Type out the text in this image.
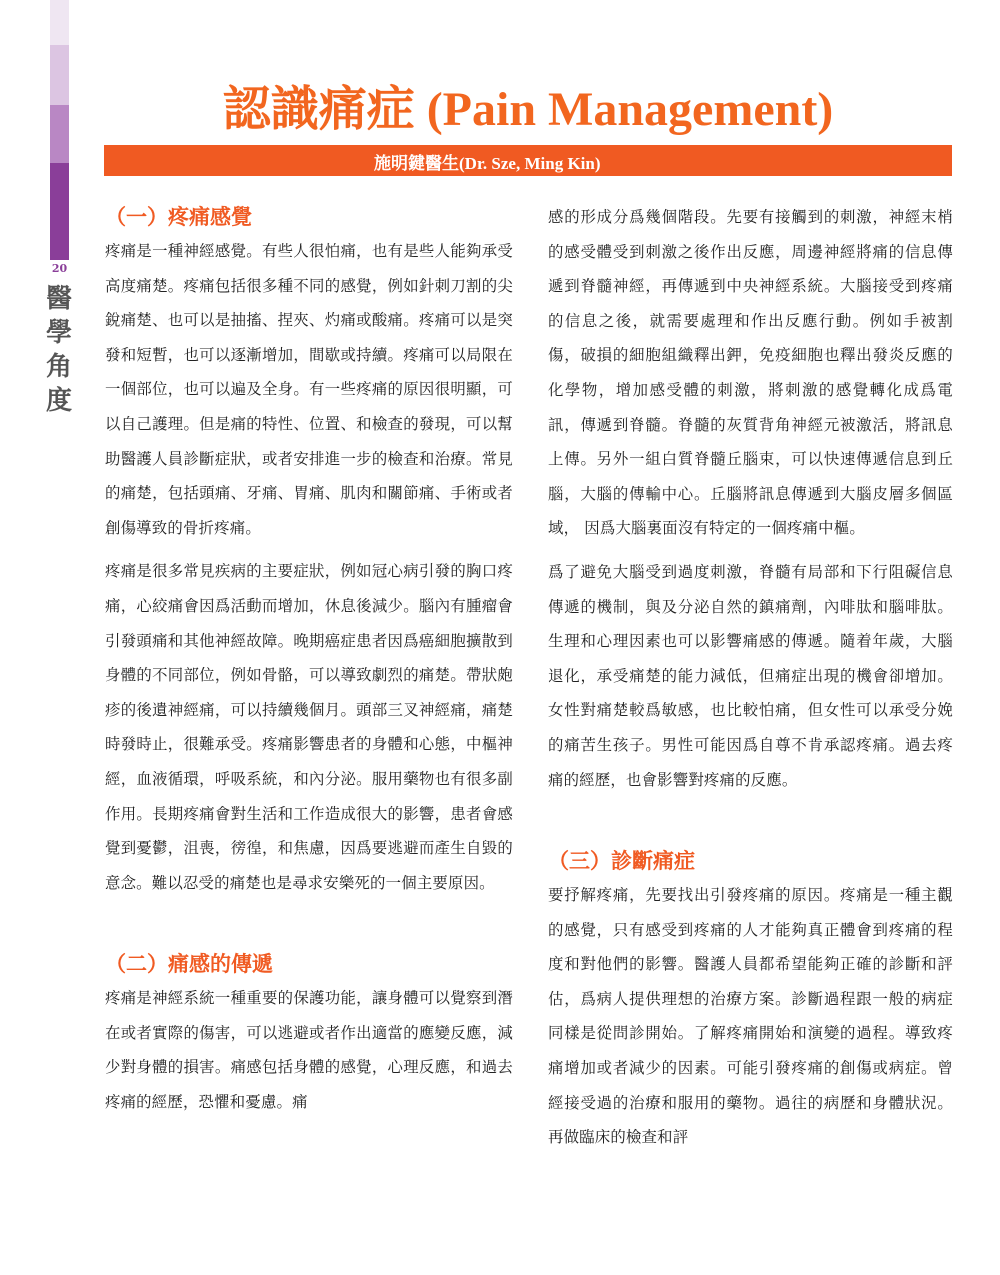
20
醫
學
角
度
認識痛症 (Pain Management)
施明鍵醫生(Dr. Sze, Ming Kin)
（一）疼痛感覺

疼痛是一種神經感覺。有些人很怕痛，也有是些人能夠承受高度痛楚。疼痛包括很多種不同的感覺，例如針刺刀割的尖銳痛楚、也可以是抽搐、捏夾、灼痛或酸痛。疼痛可以是突發和短暫，也可以逐漸增加，間歇或持續。疼痛可以局限在一個部位，也可以遍及全身。有一些疼痛的原因很明顯，可以自己護理。但是痛的特性、位置、和檢查的發現，可以幫助醫護人員診斷症狀，或者安排進一步的檢查和治療。常見的痛楚，包括頭痛、牙痛、胃痛、肌肉和關節痛、手術或者創傷導致的骨折疼痛。

疼痛是很多常見疾病的主要症狀，例如冠心病引發的胸口疼痛，心絞痛會因爲活動而增加，休息後減少。腦內有腫瘤會引發頭痛和其他神經故障。晚期癌症患者因爲癌細胞擴散到身體的不同部位，例如骨骼，可以導致劇烈的痛楚。帶狀皰疹的後遺神經痛，可以持續幾個月。頭部三叉神經痛，痛楚時發時止，很難承受。疼痛影響患者的身體和心態，中樞神經，血液循環，呼吸系統，和內分泌。服用藥物也有很多副作用。長期疼痛會對生活和工作造成很大的影響，患者會感覺到憂鬱，沮喪，徬徨，和焦慮，因爲要逃避而產生自毀的意念。難以忍受的痛楚也是尋求安樂死的一個主要原因。

（二）痛感的傳遞

疼痛是神經系統一種重要的保護功能，讓身體可以覺察到潛在或者實際的傷害，可以逃避或者作出適當的應變反應，減少對身體的損害。痛感包括身體的感覺，心理反應，和過去疼痛的經歷，恐懼和憂慮。痛

感的形成分爲幾個階段。先要有接觸到的刺激，神經末梢的感受體受到刺激之後作出反應，周邊神經將痛的信息傳遞到脊髓神經，再傳遞到中央神經系統。大腦接受到疼痛的信息之後，就需要處理和作出反應行動。例如手被割傷，破損的細胞組織釋出鉀，免疫細胞也釋出發炎反應的化學物，增加感受體的刺激，將刺激的感覺轉化成爲電訊，傳遞到脊髓。脊髓的灰質背角神經元被激活，將訊息上傳。另外一組白質脊髓丘腦束，可以快速傳遞信息到丘腦，大腦的傳輸中心。丘腦將訊息傳遞到大腦皮層多個區域， 因爲大腦裏面沒有特定的一個疼痛中樞。

爲了避免大腦受到過度刺激，脊髓有局部和下行阻礙信息傳遞的機制，與及分泌自然的鎮痛劑，內啡肽和腦啡肽。生理和心理因素也可以影響痛感的傳遞。隨着年歲，大腦退化，承受痛楚的能力減低，但痛症出現的機會卻增加。女性對痛楚較爲敏感，也比較怕痛，但女性可以承受分娩的痛苦生孩子。男性可能因爲自尊不肯承認疼痛。過去疼痛的經歷，也會影響對疼痛的反應。

（三）診斷痛症

要抒解疼痛，先要找出引發疼痛的原因。疼痛是一種主觀的感覺，只有感受到疼痛的人才能夠真正體會到疼痛的程度和對他們的影響。醫護人員都希望能夠正確的診斷和評估，爲病人提供理想的治療方案。診斷過程跟一般的病症同樣是從問診開始。了解疼痛開始和演變的過程。導致疼痛增加或者減少的因素。可能引發疼痛的創傷或病症。曾經接受過的治療和服用的藥物。過往的病歷和身體狀況。再做臨床的檢查和評
